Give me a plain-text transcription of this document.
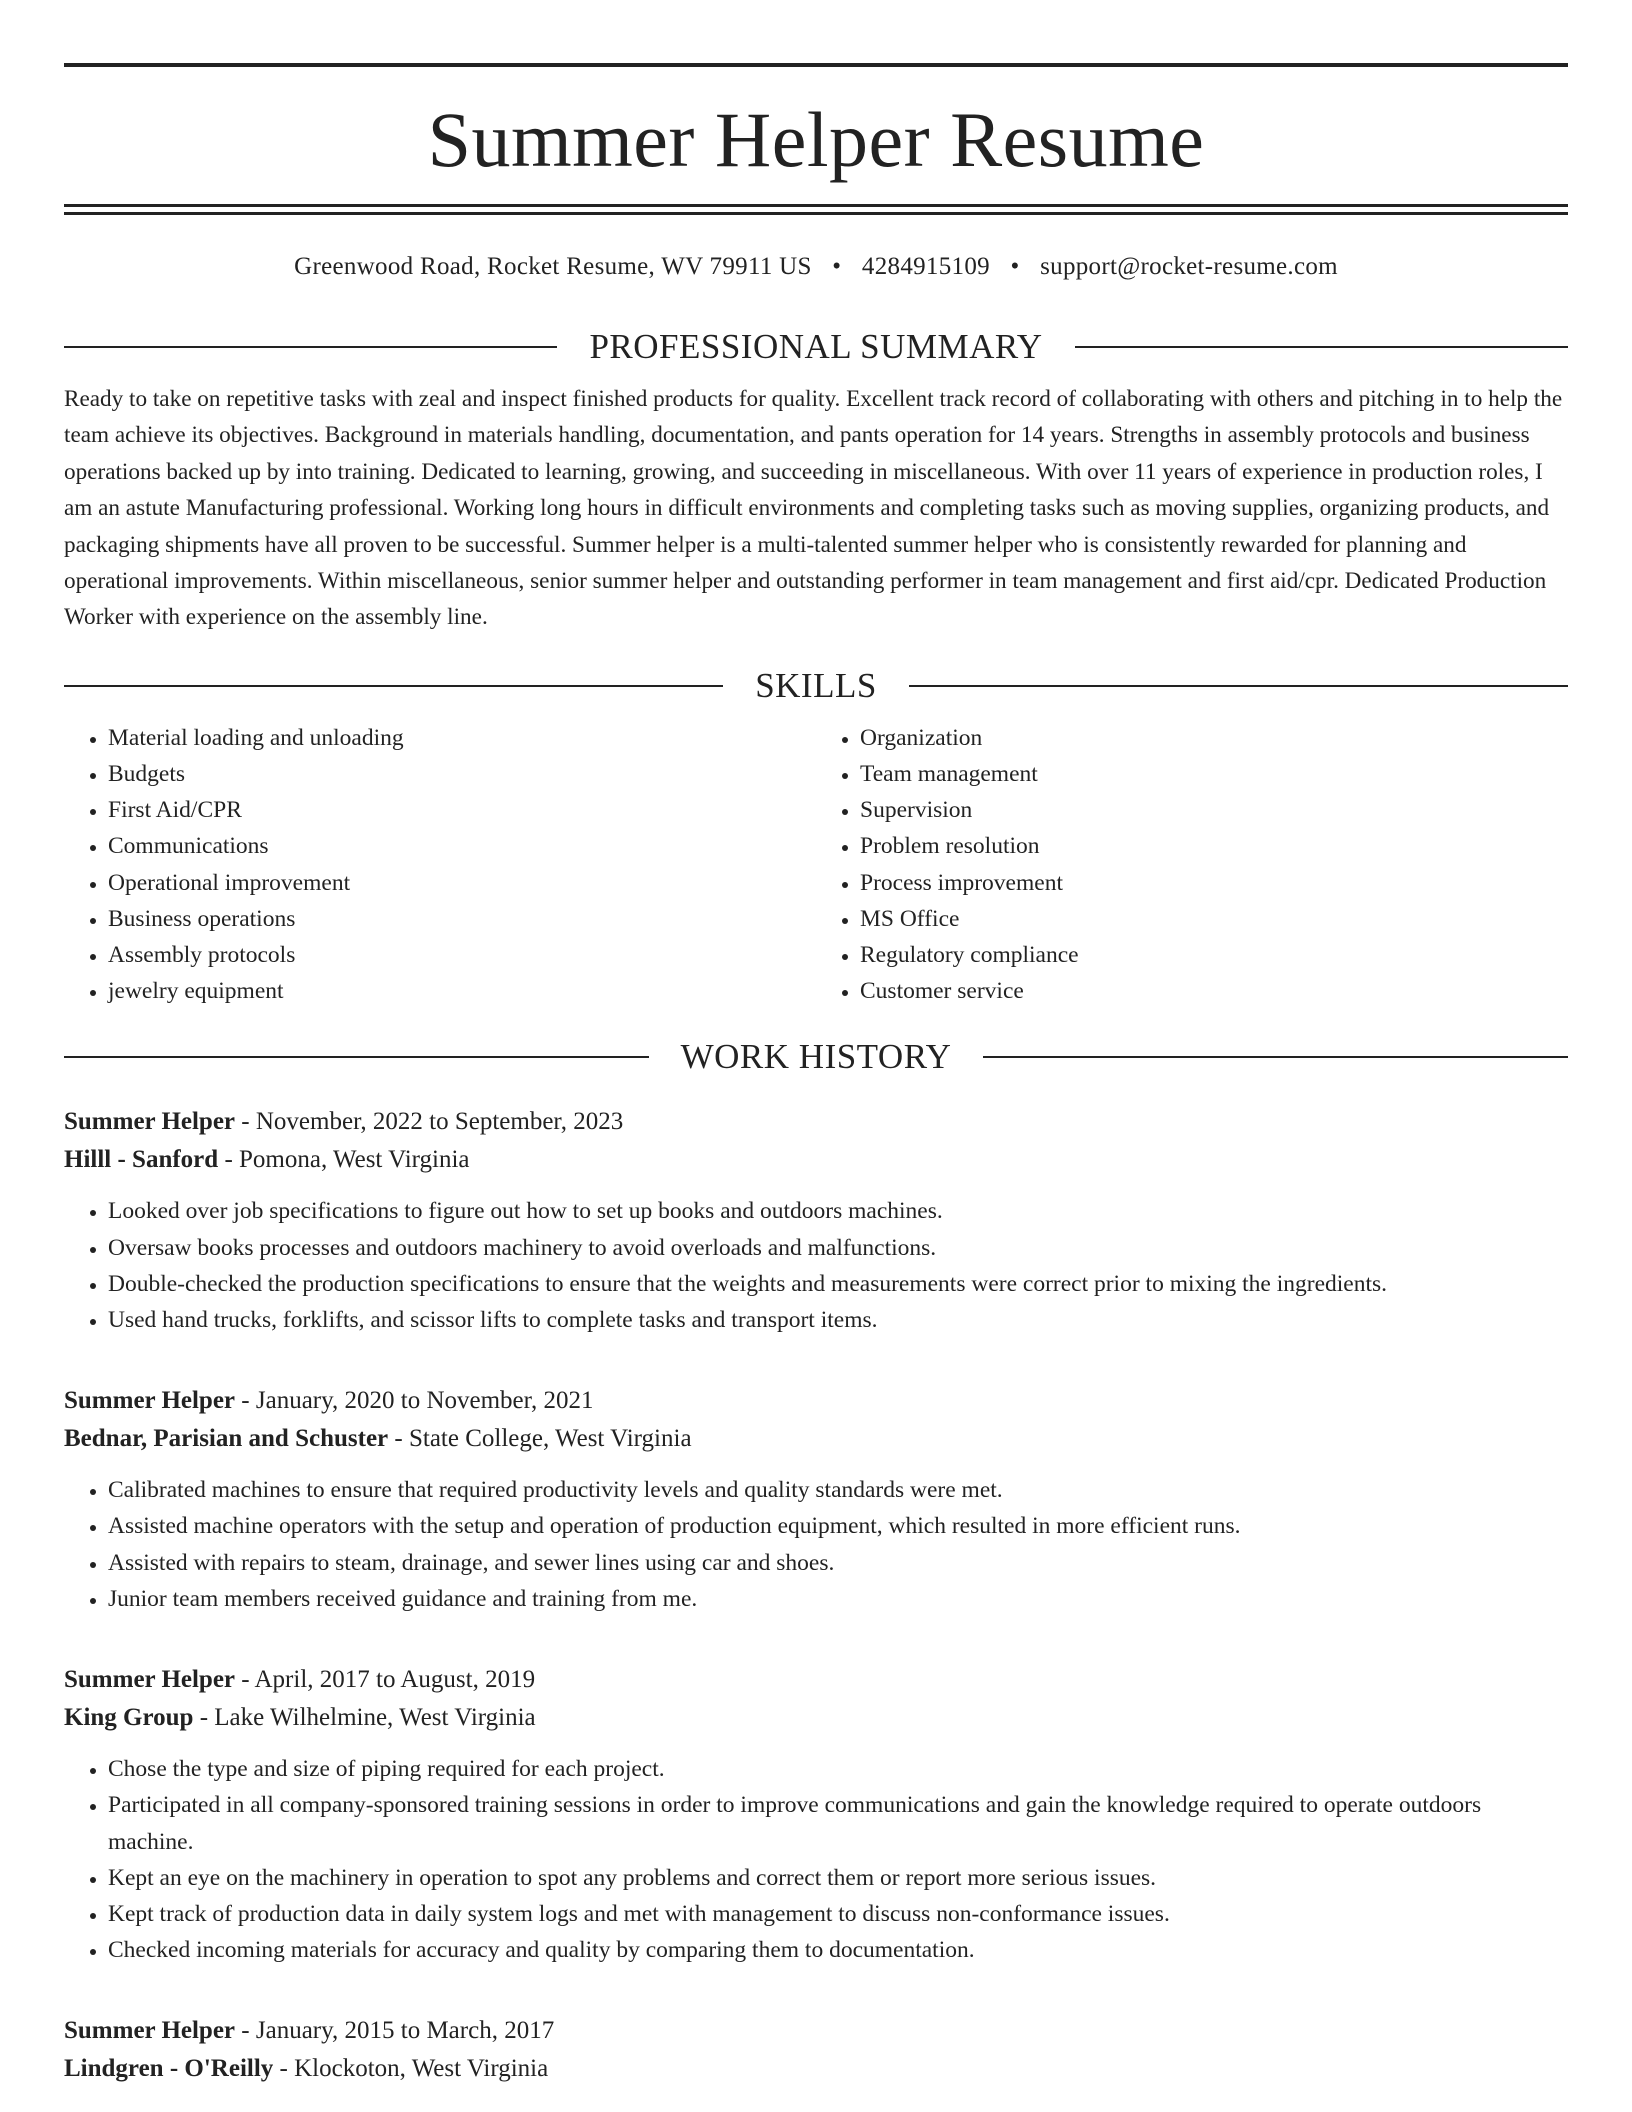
Summer Helper Resume
Greenwood Road, Rocket Resume, WV 79911 US • 4284915109 • support@rocket-resume.com
PROFESSIONAL SUMMARY
Ready to take on repetitive tasks with zeal and inspect finished products for quality. Excellent track record of collaborating with others and pitching in to help the team achieve its objectives. Background in materials handling, documentation, and pants operation for 14 years. Strengths in assembly protocols and business operations backed up by into training. Dedicated to learning, growing, and succeeding in miscellaneous. With over 11 years of experience in production roles, I am an astute Manufacturing professional. Working long hours in difficult environments and completing tasks such as moving supplies, organizing products, and packaging shipments have all proven to be successful. Summer helper is a multi-talented summer helper who is consistently rewarded for planning and operational improvements. Within miscellaneous, senior summer helper and outstanding performer in team management and first aid/cpr. Dedicated Production Worker with experience on the assembly line.
SKILLS
• Material loading and unloading
• Budgets
• First Aid/CPR
• Communications
• Operational improvement
• Business operations
• Assembly protocols
• jewelry equipment
• Organization
• Team management
• Supervision
• Problem resolution
• Process improvement
• MS Office
• Regulatory compliance
• Customer service
WORK HISTORY
Summer Helper - November, 2022 to September, 2023
Hilll - Sanford - Pomona, West Virginia
• Looked over job specifications to figure out how to set up books and outdoors machines.
• Oversaw books processes and outdoors machinery to avoid overloads and malfunctions.
• Double-checked the production specifications to ensure that the weights and measurements were correct prior to mixing the ingredients.
• Used hand trucks, forklifts, and scissor lifts to complete tasks and transport items.
Summer Helper - January, 2020 to November, 2021
Bednar, Parisian and Schuster - State College, West Virginia
• Calibrated machines to ensure that required productivity levels and quality standards were met.
• Assisted machine operators with the setup and operation of production equipment, which resulted in more efficient runs.
• Assisted with repairs to steam, drainage, and sewer lines using car and shoes.
• Junior team members received guidance and training from me.
Summer Helper - April, 2017 to August, 2019
King Group - Lake Wilhelmine, West Virginia
• Chose the type and size of piping required for each project.
• Participated in all company-sponsored training sessions in order to improve communications and gain the knowledge required to operate outdoors machine.
• Kept an eye on the machinery in operation to spot any problems and correct them or report more serious issues.
• Kept track of production data in daily system logs and met with management to discuss non-conformance issues.
• Checked incoming materials for accuracy and quality by comparing them to documentation.
Summer Helper - January, 2015 to March, 2017
Lindgren - O'Reilly - Klockoton, West Virginia
